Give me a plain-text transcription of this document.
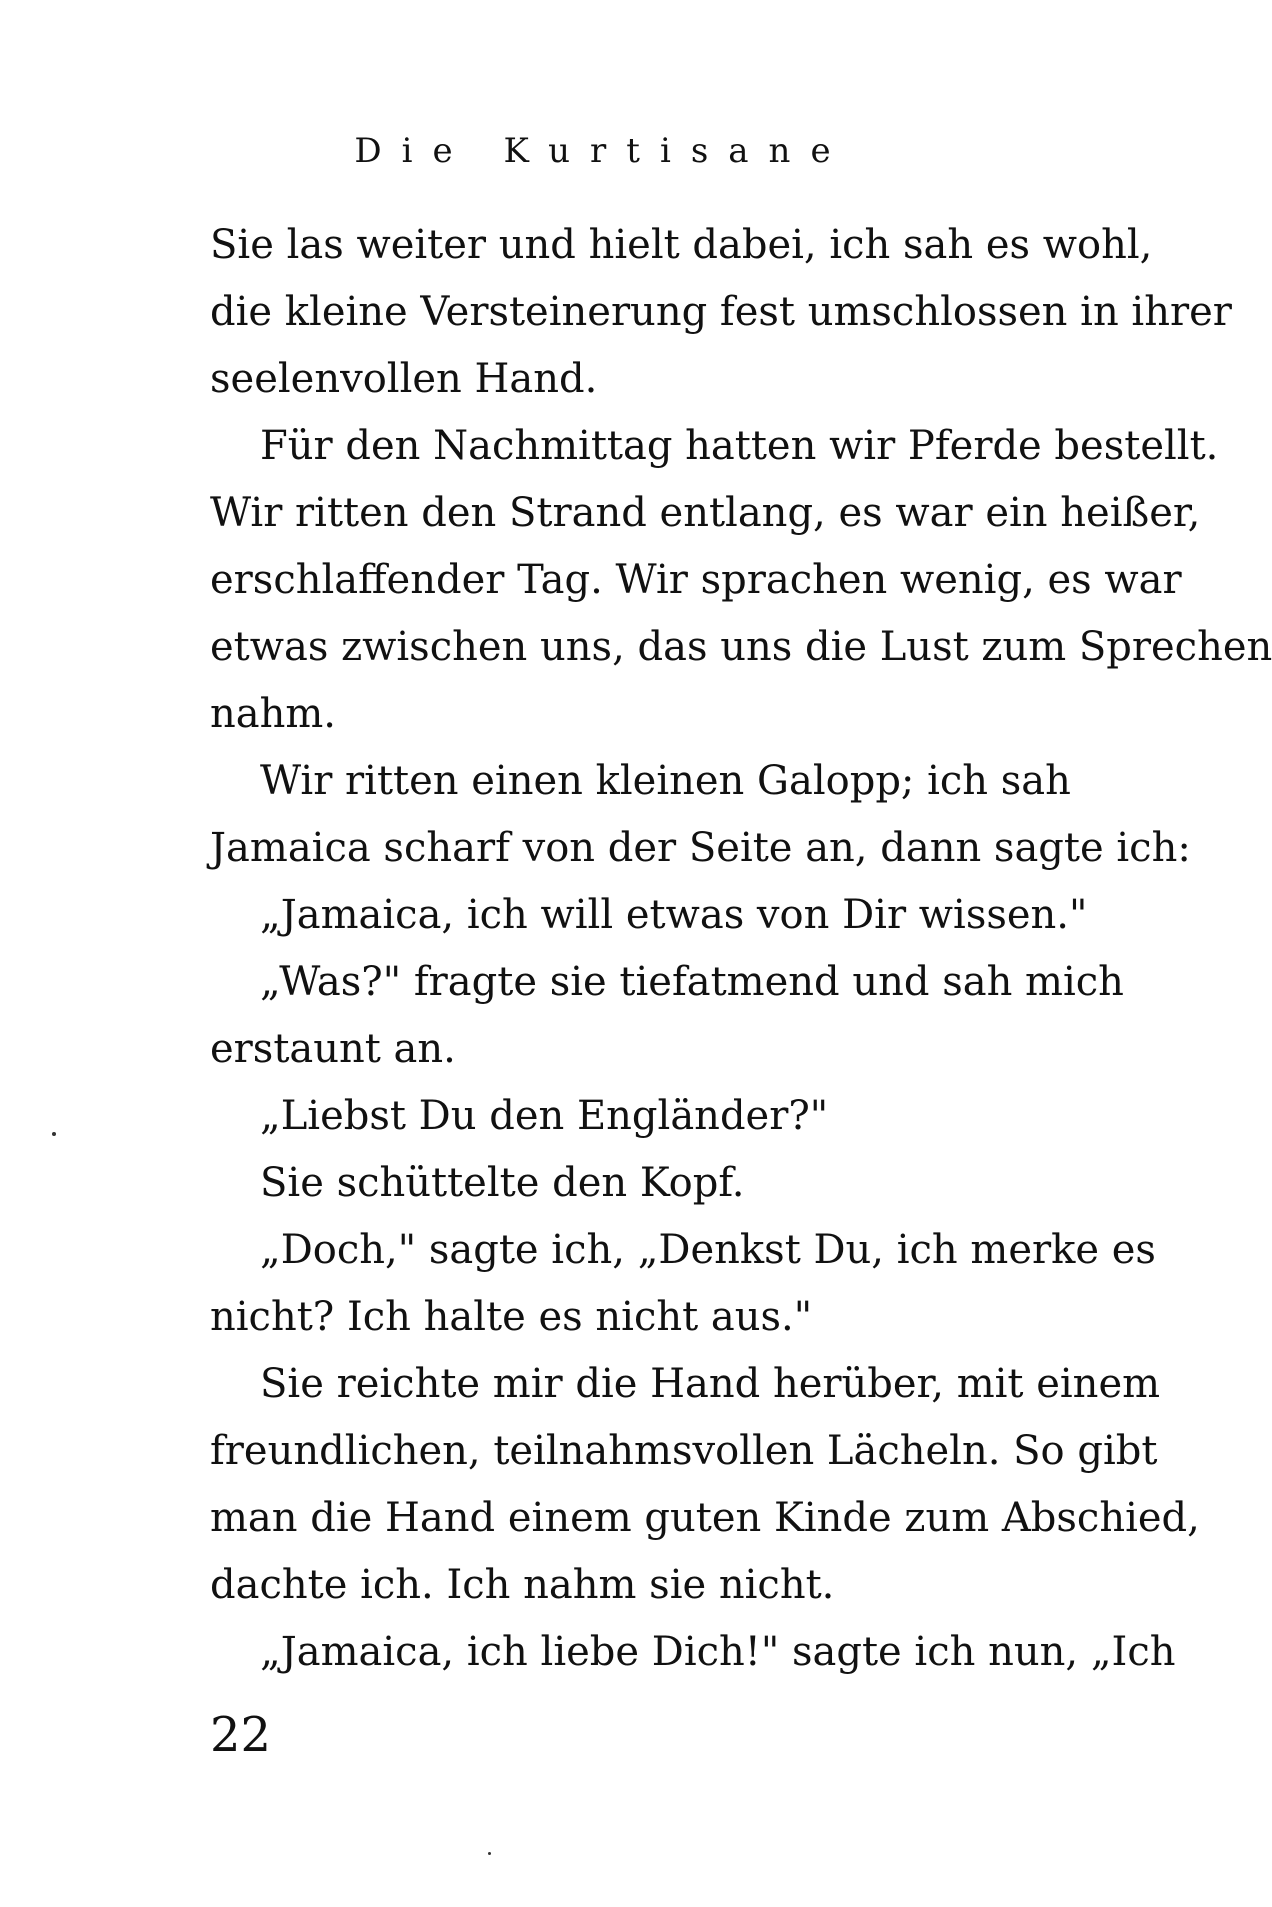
Die Kurtisane
Sie las weiter und hielt dabei, ich sah es wohl,
die kleine Versteinerung fest umschlossen in ihrer
seelenvollen Hand.
Für den Nachmittag hatten wir Pferde bestellt.
Wir ritten den Strand entlang, es war ein heißer,
erschlaffender Tag. Wir sprachen wenig, es war
etwas zwischen uns, das uns die Lust zum Sprechen
nahm.
Wir ritten einen kleinen Galopp; ich sah
Jamaica scharf von der Seite an, dann sagte ich:
„Jamaica, ich will etwas von Dir wissen."
„Was?" fragte sie tiefatmend und sah mich
erstaunt an.
„Liebst Du den Engländer?"
Sie schüttelte den Kopf.
„Doch," sagte ich, „Denkst Du, ich merke es
nicht? Ich halte es nicht aus."
Sie reichte mir die Hand herüber, mit einem
freundlichen, teilnahmsvollen Lächeln. So gibt
man die Hand einem guten Kinde zum Abschied,
dachte ich. Ich nahm sie nicht.
„Jamaica, ich liebe Dich!" sagte ich nun, „Ich
22
